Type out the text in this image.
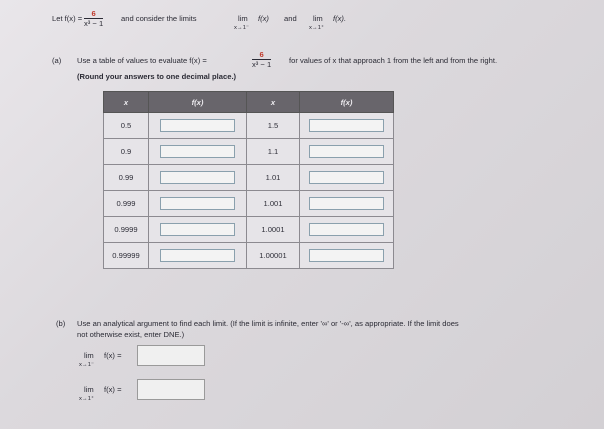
Let $f(x) = \frac{6}{\text{x³ − 1}}$ and consider the limits	lim
x→1⁻
f(x) and lim
x→1⁺
f(x).
(a) Use a table of values to evaluate f(x) =	$\frac{6}{\text{x³ − 1}}$ for values of x that approach 1 from the left and from the right.
(Round your answers to one decimal place.)
x	f(x)	x	f(x)
0.5		1.5	
0.9		1.1	
0.99		1.01	
0.999		1.001	
0.9999		1.0001	
0.99999		1.00001	
(b) Use an analytical argument to find each limit. (If the limit is infinite, enter '∞' or '-∞', as appropriate. If the limit does
not otherwise exist, enter DNE.)
lim
x→1⁻
f(x) =
lim
x→1⁺
f(x) =
